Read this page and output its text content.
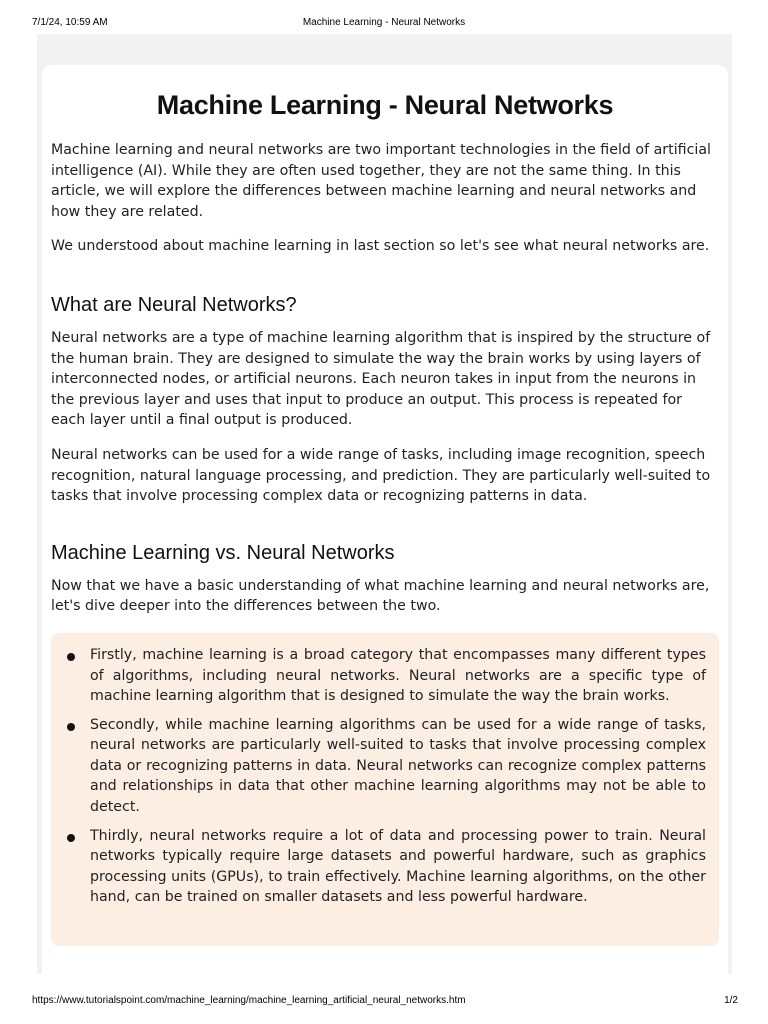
7/1/24, 10:59 AM	Machine Learning - Neural Networks
Machine Learning - Neural Networks

Machine learning and neural networks are two important technologies in the field of artificial intelligence (AI). While they are often used together, they are not the same thing. In this article, we will explore the differences between machine learning and neural networks and how they are related.

We understood about machine learning in last section so let's see what neural networks are.

What are Neural Networks?

Neural networks are a type of machine learning algorithm that is inspired by the structure of the human brain. They are designed to simulate the way the brain works by using layers of interconnected nodes, or artificial neurons. Each neuron takes in input from the neurons in the previous layer and uses that input to produce an output. This process is repeated for each layer until a final output is produced.

Neural networks can be used for a wide range of tasks, including image recognition, speech recognition, natural language processing, and prediction. They are particularly well-suited to tasks that involve processing complex data or recognizing patterns in data.

Machine Learning vs. Neural Networks

Now that we have a basic understanding of what machine learning and neural networks are, let's dive deeper into the differences between the two.

Firstly, machine learning is a broad category that encompasses many different types of algorithms, including neural networks. Neural networks are a specific type of machine learning algorithm that is designed to simulate the way the brain works.
Secondly, while machine learning algorithms can be used for a wide range of tasks, neural networks are particularly well-suited to tasks that involve processing complex data or recognizing patterns in data. Neural networks can recognize complex patterns and relationships in data that other machine learning algorithms may not be able to detect.
Thirdly, neural networks require a lot of data and processing power to train. Neural networks typically require large datasets and powerful hardware, such as graphics processing units (GPUs), to train effectively. Machine learning algorithms, on the other hand, can be trained on smaller datasets and less powerful hardware.
https://www.tutorialspoint.com/machine_learning/machine_learning_artificial_neural_networks.htm	1/2
